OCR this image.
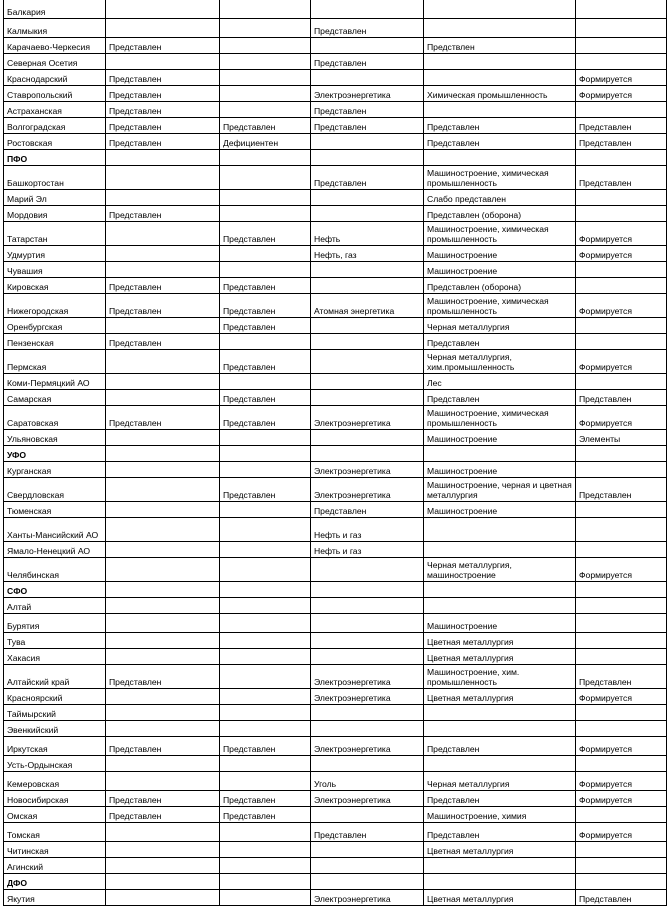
Балкария					
Калмыкия			Представлен		
Карачаево-Черкесия	Представлен			Предствлен	
Северная Осетия			Представлен		
Краснодарский	Представлен				Формируется
Ставропольский	Представлен		Электроэнергетика	Химическая промышленность	Формируется
Астраханская	Представлен		Представлен		
Волгоградская	Представлен	Представлен	Представлен	Представлен	Представлен
Ростовская	Представлен	Дефициентен		Представлен	Представлен
ПФО					
Башкортостан			Представлен	Машиностроение, химическая промышленность	Представлен
Марий Эл				Слабо представлен	
Мордовия	Представлен			Представлен (оборона)	
Татарстан		Представлен	Нефть	Машиностроение, химическая промышленность	Формируется
Удмуртия			Нефть, газ	Машиностроение	Формируется
Чувашия				Машиностроение	
Кировская	Представлен	Представлен		Представлен (оборона)	
Нижегородская	Представлен	Представлен	Атомная энергетика	Машиностроение, химическая промышленность	Формируется
Оренбургская		Представлен		Черная металлургия	
Пензенская	Представлен			Представлен	
Пермская		Представлен		Черная металлургия, хим.промышленность	Формируется
Коми-Пермяцкий АО				Лес	
Самарская		Представлен		Представлен	Представлен
Саратовская	Представлен	Представлен	Электроэнергетика	Машиностроение, химическая промышленность	Формируется
Ульяновская				Машиностроение	Элементы
УФО					
Курганская			Электроэнергетика	Машиностроение	
Свердловская		Представлен	Электроэнергетика	Машиностроение, черная и цветная металлургия	Представлен
Тюменская			Представлен	Машиностроение	
Ханты-Мансийский АО			Нефть и газ		
Ямало-Ненецкий АО			Нефть и газ		
Челябинская				Черная металлургия, машиностроение	Формируется
СФО					
Алтай					
Бурятия				Машиностроение	
Тува				Цветная металлургия	
Хакасия				Цветная металлургия	
Алтайский край	Представлен		Электроэнергетика	Машиностроение, хим. промышленность	Представлен
Красноярский			Электроэнергетика	Цветная металлургия	Формируется
Таймырский					
Эвенкийский					
Иркутская	Представлен	Представлен	Электроэнергетика	Представлен	Формируется
Усть-Ордынская					
Кемеровская			Уголь	Черная металлургия	Формируется
Новосибирская	Представлен	Представлен	Электроэнергетика	Представлен	Формируется
Омская	Представлен	Представлен		Машиностроение, химия	
Томская			Представлен	Представлен	Формируется
Читинская				Цветная металлургия	
Агинский					
ДФО					
Якутия			Электроэнергетика	Цветная металлургия	Представлен
